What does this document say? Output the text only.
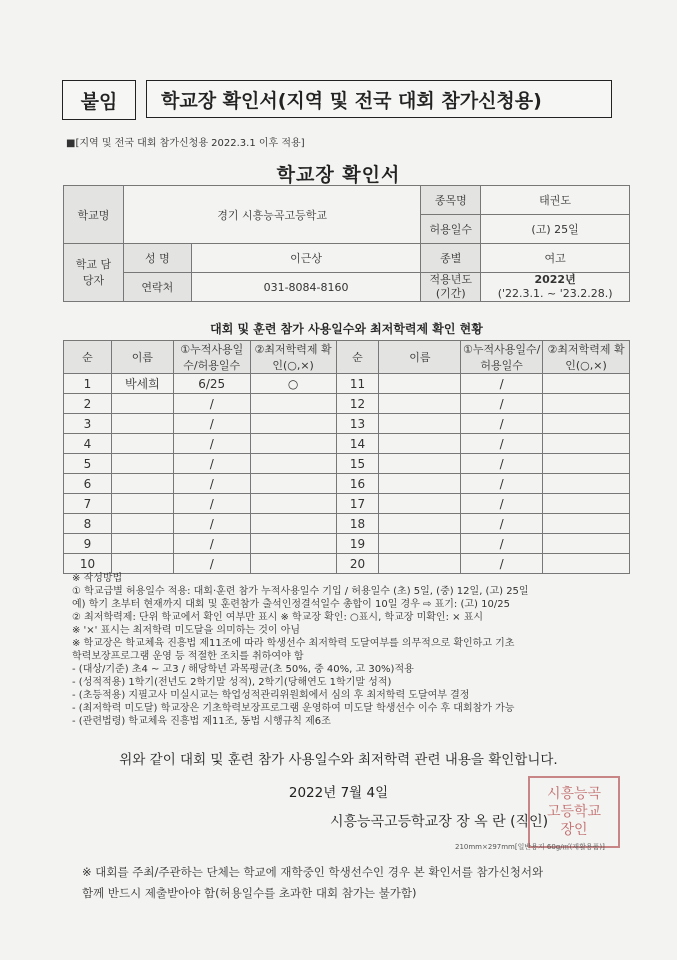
붙임	학교장 확인서(지역 및 전국 대회 참가신청용)
■[지역 및 전국 대회 참가신청용 2022.3.1 이후 적용]
학교장 확인서
학교명	경기 시흥능곡고등학교		종목명	태권도
			허용일수	(고) 25일
학교 담당자	성 명	이근상	종별	여고
	연락처	031-8084-8160	적용년도 (기간)	2022년
('22.3.1. ~ '23.2.28.)
대회 및 훈련 참가 사용일수와 최저학력제 확인 현황
순	이름	①누적사용일수/허용일수	②최저학력제 확인(○,×)	순	이름	①누적사용일수/허용일수	②최저학력제 확인(○,×)
1	박세희	6/25	○	11		/	
2		/		12		/	
3		/		13		/	
4		/		14		/	
5		/		15		/	
6		/		16		/	
7		/		17		/	
8		/		18		/	
9		/		19		/	
10		/		20		/	
※ 작성방법
① 학교급별 허용일수 적용: 대회·훈련 참가 누적사용일수 기입 / 허용일수 (초) 5일, (중) 12일, (고) 25일
예) 학기 초부터 현재까지 대회 및 훈련참가 출석인정결석일수 총합이 10일 경우 ⇨ 표기: (고) 10/25
② 최저학력제: 단위 학교에서 확인 여부만 표시 ※ 학교장 확인: ○표시, 학교장 미확인: × 표시
※ '×' 표시는 최저학력 미도달을 의미하는 것이 아님
※ 학교장은 학교체육 진흥법 제11조에 따라 학생선수 최저학력 도달여부를 의무적으로 확인하고 기초
학력보장프로그램 운영 등 적절한 조치를 취하여야 함
- (대상/기준) 초4 ~ 고3 / 해당학년 과목평균(초 50%, 중 40%, 고 30%)적용
- (성적적용) 1학기(전년도 2학기말 성적), 2학기(당해연도 1학기말 성적)
- (초등적용) 지필고사 미실시교는 학업성적관리위원회에서 심의 후 최저학력 도달여부 결정
- (최저학력 미도달) 학교장은 기초학력보장프로그램 운영하여 미도달 학생선수 이수 후 대회참가 가능
- (관련법령) 학교체육 진흥법 제11조, 동법 시행규칙 제6조
위와 같이 대회 및 훈련 참가 사용일수와 최저학력 관련 내용을 확인합니다.
2022년 7월 4일
시흥능곡고등학교장 장 옥 란 (직인)
시흥능곡고등학교장인
210mm×297mm[일반용지 60g/㎡(재활용품)]
※ 대회를 주최/주관하는 단체는 학교에 재학중인 학생선수인 경우 본 확인서를 참가신청서와
함께 반드시 제출받아야 함(허용일수를 초과한 대회 참가는 불가함)
